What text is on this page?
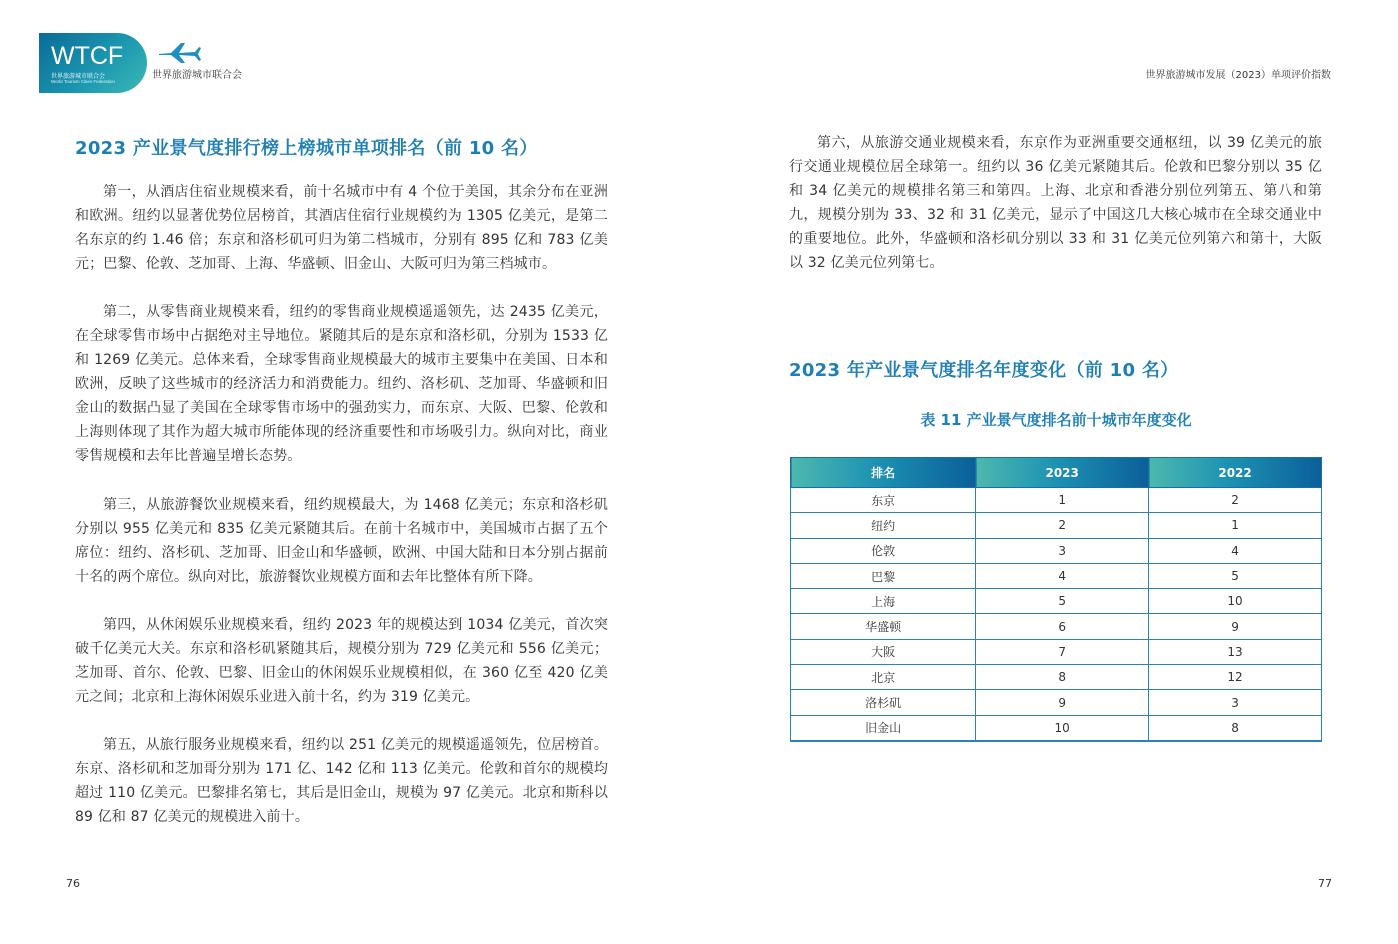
WTCF
世界旅游城市联合会
World Tourism Cities Federation
世界旅游城市联合会
2023 产业景气度排行榜上榜城市单项排名（前 10 名）

第一，从酒店住宿业规模来看，前十名城市中有 4 个位于美国，其余分布在亚洲和欧洲。纽约以显著优势位居榜首，其酒店住宿行业规模约为 1305 亿美元，是第二名东京的约 1.46 倍；东京和洛杉矶可归为第二档城市，分别有 895 亿和 783 亿美元；巴黎、伦敦、芝加哥、上海、华盛顿、旧金山、大阪可归为第三档城市。

第二，从零售商业规模来看，纽约的零售商业规模遥遥领先，达 2435 亿美元，在全球零售市场中占据绝对主导地位。紧随其后的是东京和洛杉矶，分别为 1533 亿和 1269 亿美元。总体来看，全球零售商业规模最大的城市主要集中在美国、日本和欧洲，反映了这些城市的经济活力和消费能力。纽约、洛杉矶、芝加哥、华盛顿和旧金山的数据凸显了美国在全球零售市场中的强劲实力，而东京、大阪、巴黎、伦敦和上海则体现了其作为超大城市所能体现的经济重要性和市场吸引力。纵向对比，商业零售规模和去年比普遍呈增长态势。

第三，从旅游餐饮业规模来看，纽约规模最大，为 1468 亿美元；东京和洛杉矶分别以 955 亿美元和 835 亿美元紧随其后。在前十名城市中，美国城市占据了五个席位：纽约、洛杉矶、芝加哥、旧金山和华盛顿，欧洲、中国大陆和日本分别占据前十名的两个席位。纵向对比，旅游餐饮业规模方面和去年比整体有所下降。

第四，从休闲娱乐业规模来看，纽约 2023 年的规模达到 1034 亿美元，首次突破千亿美元大关。东京和洛杉矶紧随其后，规模分别为 729 亿美元和 556 亿美元；芝加哥、首尔、伦敦、巴黎、旧金山的休闲娱乐业规模相似，在 360 亿至 420 亿美元之间；北京和上海休闲娱乐业进入前十名，约为 319 亿美元。

第五，从旅行服务业规模来看，纽约以 251 亿美元的规模遥遥领先，位居榜首。东京、洛杉矶和芝加哥分别为 171 亿、142 亿和 113 亿美元。伦敦和首尔的规模均超过 110 亿美元。巴黎排名第七，其后是旧金山，规模为 97 亿美元。北京和斯科以 89 亿和 87 亿美元的规模进入前十。

76
世界旅游城市发展（2023）单项评价指数

第六，从旅游交通业规模来看，东京作为亚洲重要交通枢纽，以 39 亿美元的旅行交通业规模位居全球第一。纽约以 36 亿美元紧随其后。伦敦和巴黎分别以 35 亿和 34 亿美元的规模排名第三和第四。上海、北京和香港分别位列第五、第八和第九，规模分别为 33、32 和 31 亿美元，显示了中国这几大核心城市在全球交通业中的重要地位。此外，华盛顿和洛杉矶分别以 33 和 31 亿美元位列第六和第十，大阪以 32 亿美元位列第七。

2023 年产业景气度排名年度变化（前 10 名）
表 11 产业景气度排名前十城市年度变化
排名	2023	2022
东京	1	2
纽约	2	1
伦敦	3	4
巴黎	4	5
上海	5	10
华盛顿	6	9
大阪	7	13
北京	8	12
洛杉矶	9	3
旧金山	10	8
77
